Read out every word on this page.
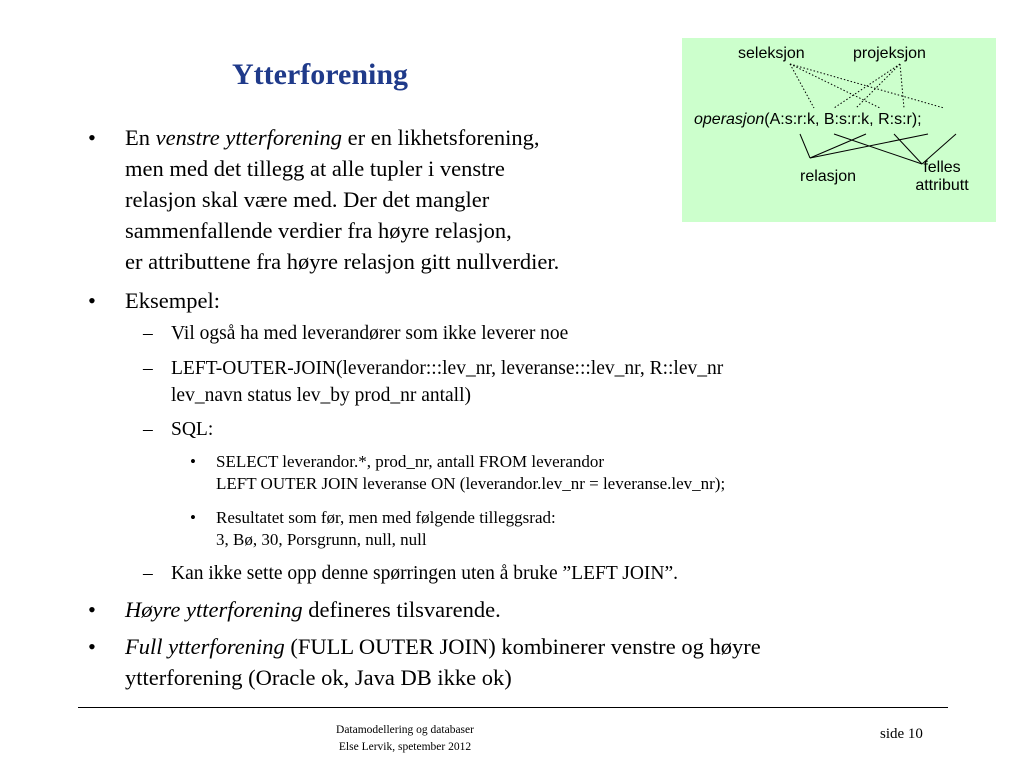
Ytterforening
seleksjon	projeksjon
operasjon(A:s:r:k, B:s:r:k, R:s:r);
relasjon
felles
attributt
• En venstre ytterforening er en likhetsforening,
men med det tillegg at alle tupler i venstre
relasjon skal være med. Der det mangler
sammenfallende verdier fra høyre relasjon,
er attributtene fra høyre relasjon gitt nullverdier.
• Eksempel:
– Vil også ha med leverandører som ikke leverer noe
– LEFT-OUTER-JOIN(leverandor:::lev_nr, leveranse:::lev_nr, R::lev_nr
lev_navn status lev_by prod_nr antall)
– SQL:
• SELECT leverandor.*, prod_nr, antall FROM leverandor
LEFT OUTER JOIN leveranse ON (leverandor.lev_nr = leveranse.lev_nr);
• Resultatet som før, men med følgende tilleggsrad:
3, Bø, 30, Porsgrunn, null, null
– Kan ikke sette opp denne spørringen uten å bruke ”LEFT JOIN”.
• Høyre ytterforening defineres tilsvarende.
• Full ytterforening (FULL OUTER JOIN) kombinerer venstre og høyre
ytterforening (Oracle ok, Java DB ikke ok)
Datamodellering og databaser
Else Lervik, spetember 2012
side 10
